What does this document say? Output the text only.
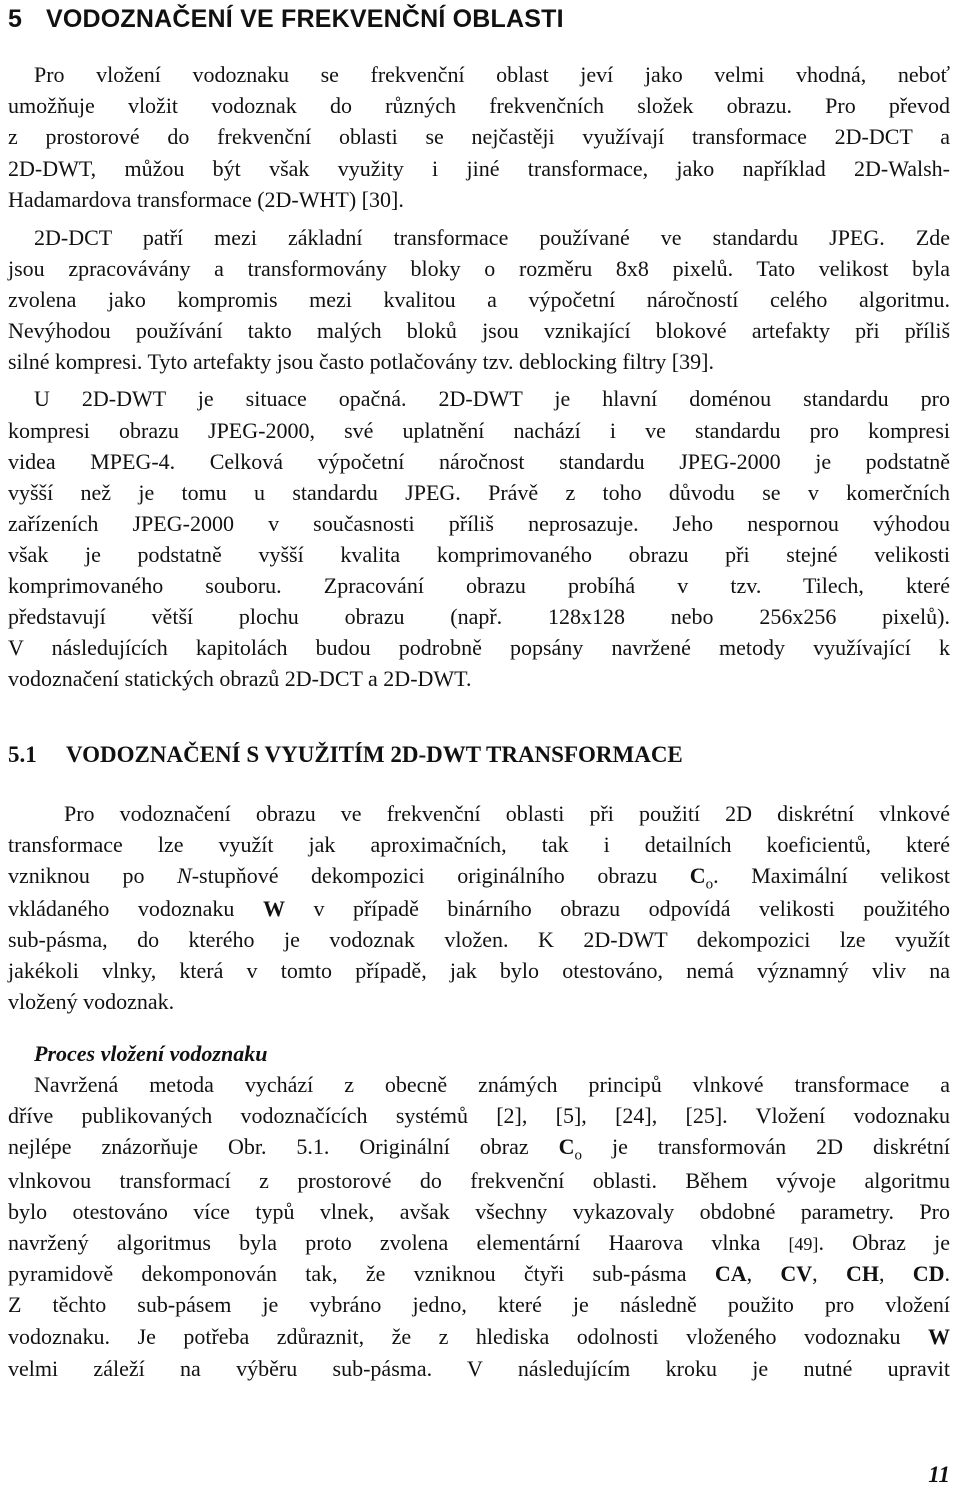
5 VODOZNAČENÍ VE FREKVENČNÍ OBLASTI
Pro vložení vodoznaku se frekvenční oblast jeví jako velmi vhodná, neboť
umožňuje vložit vodoznak do různých frekvenčních složek obrazu. Pro převod
z prostorové do frekvenční oblasti se nejčastěji využívají transformace 2D-DCT a
2D-DWT, můžou být však využity i jiné transformace, jako například 2D-Walsh-
Hadamardova transformace (2D-WHT) [30].
2D-DCT patří mezi základní transformace používané ve standardu JPEG. Zde
jsou zpracovávány a transformovány bloky o rozměru 8x8 pixelů. Tato velikost byla
zvolena jako kompromis mezi kvalitou a výpočetní náročností celého algoritmu.
Nevýhodou používání takto malých bloků jsou vznikající blokové artefakty při příliš
silné kompresi. Tyto artefakty jsou často potlačovány tzv. deblocking filtry [39].
U 2D-DWT je situace opačná. 2D-DWT je hlavní doménou standardu pro
kompresi obrazu JPEG-2000, své uplatnění nachází i ve standardu pro kompresi
videa MPEG-4. Celková výpočetní náročnost standardu JPEG-2000 je podstatně
vyšší než je tomu u standardu JPEG. Právě z toho důvodu se v komerčních
zařízeních JPEG-2000 v současnosti příliš neprosazuje. Jeho nespornou výhodou
však je podstatně vyšší kvalita komprimovaného obrazu při stejné velikosti
komprimovaného souboru. Zpracování obrazu probíhá v tzv. Tilech, které
představují větší plochu obrazu (např. 128x128 nebo 256x256 pixelů).
V následujících kapitolách budou podrobně popsány navržené metody využívající k
vodoznačení statických obrazů 2D-DCT a 2D-DWT.
5.1 VODOZNAČENÍ S VYUŽITÍM 2D-DWT TRANSFORMACE
Pro vodoznačení obrazu ve frekvenční oblasti při použití 2D diskrétní vlnkové
transformace lze využít jak aproximačních, tak i detailních koeficientů, které
vzniknou po N-stupňové dekompozici originálního obrazu $C_o$. Maximální velikost
vkládaného vodoznaku W v případě binárního obrazu odpovídá velikosti použitého
sub-pásma, do kterého je vodoznak vložen. K 2D-DWT dekompozici lze využít
jakékoli vlnky, která v tomto případě, jak bylo otestováno, nemá významný vliv na
vložený vodoznak.
Proces vložení vodoznaku
Navržená metoda vychází z obecně známých principů vlnkové transformace a
dříve publikovaných vodoznačících systémů [2], [5], [24], [25]. Vložení vodoznaku
nejlépe znázorňuje Obr. 5.1. Originální obraz $C_o$ je transformován 2D diskrétní
vlnkovou transformací z prostorové do frekvenční oblasti. Během vývoje algoritmu
bylo otestováno více typů vlnek, avšak všechny vykazovaly obdobné parametry. Pro
navržený algoritmus byla proto zvolena elementární Haarova vlnka [49]. Obraz je
pyramidově dekomponován tak, že vzniknou čtyři sub-pásma CA, CV, CH, CD.
Z těchto sub-pásem je vybráno jedno, které je následně použito pro vložení
vodoznaku. Je potřeba zdůraznit, že z hlediska odolnosti vloženého vodoznaku W
velmi záleží na výběru sub-pásma. V následujícím kroku je nutné upravit
11
